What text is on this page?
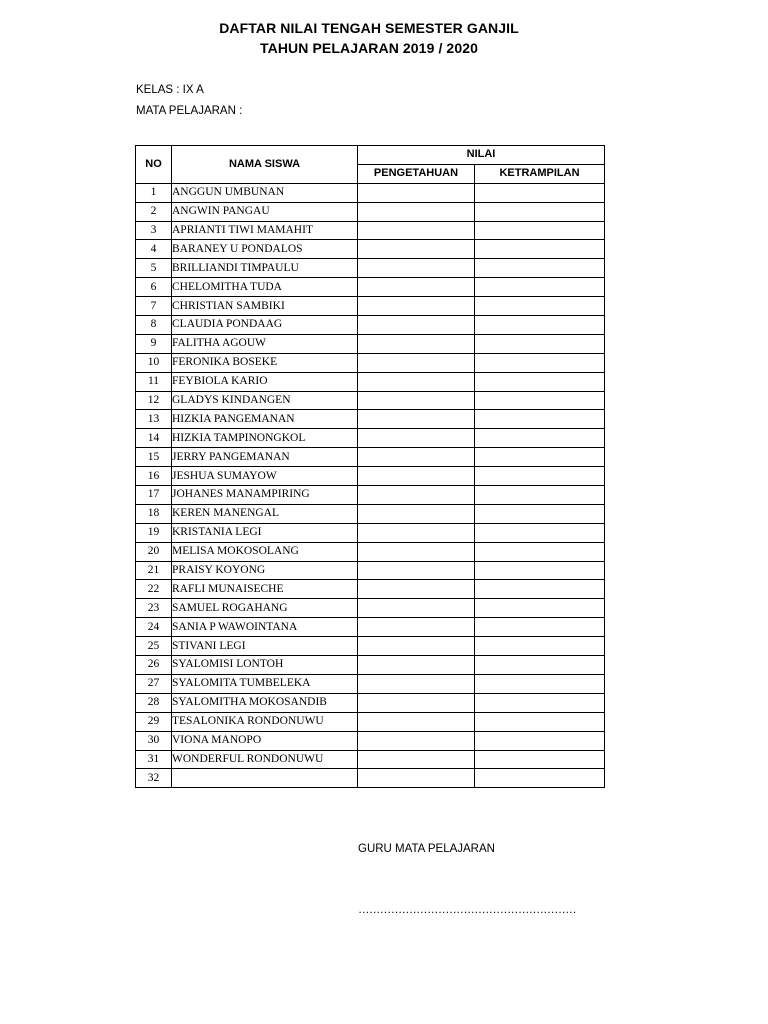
DAFTAR NILAI TENGAH SEMESTER GANJIL
TAHUN PELAJARAN 2019 / 2020
KELAS : IX A
MATA PELAJARAN :
NO	NAMA SISWA	NILAI	
		PENGETAHUAN	KETRAMPILAN
1	ANGGUN UMBUNAN		
2	ANGWIN PANGAU		
3	APRIANTI TIWI MAMAHIT		
4	BARANEY U PONDALOS		
5	BRILLIANDI TIMPAULU		
6	CHELOMITHA TUDA		
7	CHRISTIAN SAMBIKI		
8	CLAUDIA PONDAAG		
9	FALITHA AGOUW		
10	FERONIKA BOSEKE		
11	FEYBIOLA KARIO		
12	GLADYS KINDANGEN		
13	HIZKIA PANGEMANAN		
14	HIZKIA TAMPINONGKOL		
15	JERRY PANGEMANAN		
16	JESHUA SUMAYOW		
17	JOHANES MANAMPIRING		
18	KEREN MANENGAL		
19	KRISTANIA LEGI		
20	MELISA MOKOSOLANG		
21	PRAISY KOYONG		
22	RAFLI MUNAISECHE		
23	SAMUEL ROGAHANG		
24	SANIA P WAWOINTANA		
25	STIVANI LEGI		
26	SYALOMISI LONTOH		
27	SYALOMITA TUMBELEKA		
28	SYALOMITHA MOKOSANDIB		
29	TESALONIKA RONDONUWU		
30	VIONA MANOPO		
31	WONDERFUL RONDONUWU		
32			
GURU MATA PELAJARAN
……………………………………………………
